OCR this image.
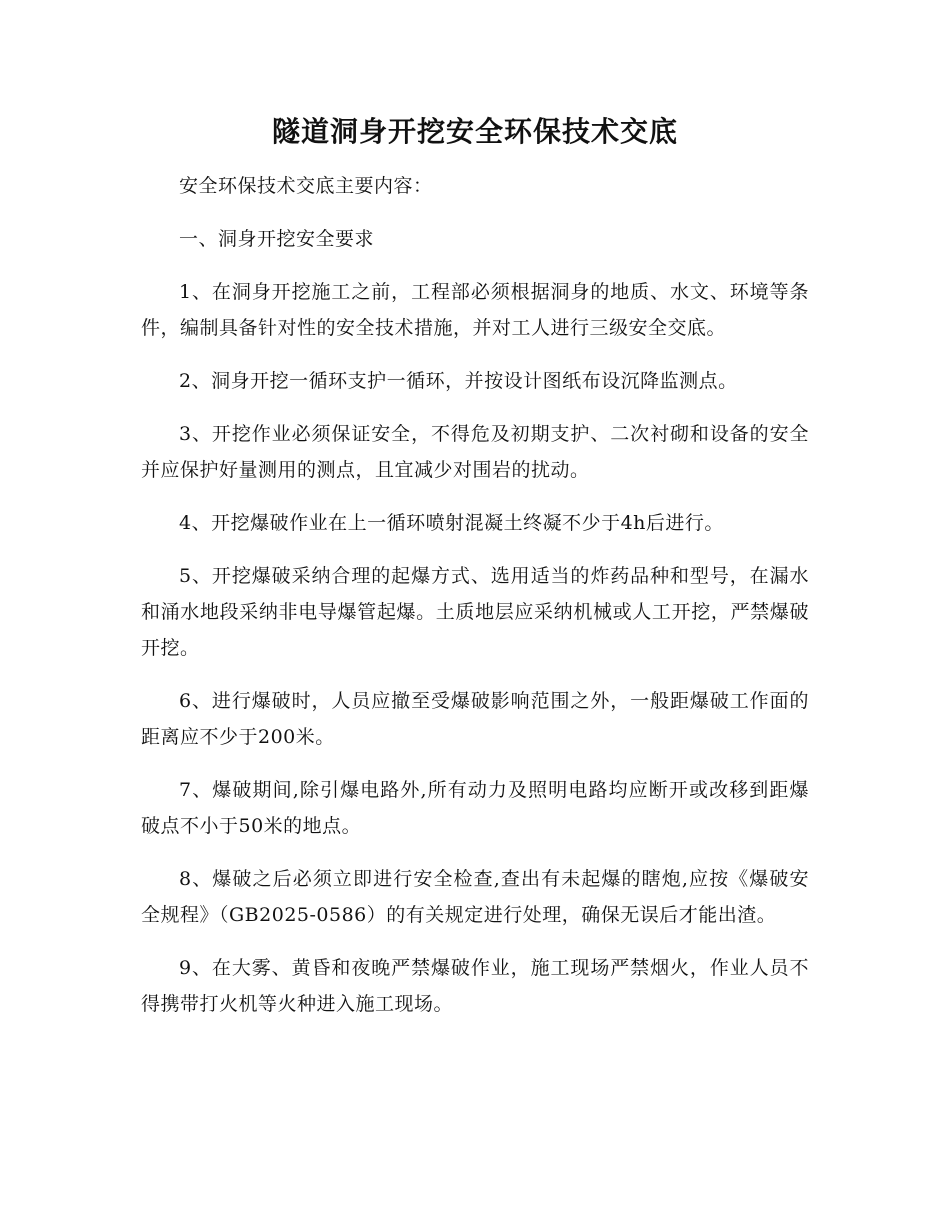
隧道洞身开挖安全环保技术交底

安全环保技术交底主要内容：

一、洞身开挖安全要求

1、在洞身开挖施工之前，工程部必须根据洞身的地质、水文、环境等条件，编制具备针对性的安全技术措施，并对工人进行三级安全交底。

2、洞身开挖一循环支护一循环，并按设计图纸布设沉降监测点。

3、开挖作业必须保证安全，不得危及初期支护、二次衬砌和设备的安全并应保护好量测用的测点，且宜减少对围岩的扰动。

4、开挖爆破作业在上一循环喷射混凝土终凝不少于4h后进行。

5、开挖爆破采纳合理的起爆方式、选用适当的炸药品种和型号，在漏水和涌水地段采纳非电导爆管起爆。土质地层应采纳机械或人工开挖，严禁爆破开挖。

6、进行爆破时，人员应撤至受爆破影响范围之外，一般距爆破工作面的距离应不少于200米。

7、爆破期间,除引爆电路外,所有动力及照明电路均应断开或改移到距爆破点不小于50米的地点。

8、爆破之后必须立即进行安全检查,查出有未起爆的瞎炮,应按《爆破安全规程》（GB2025-0586）的有关规定进行处理，确保无误后才能出渣。

9、在大雾、黄昏和夜晚严禁爆破作业，施工现场严禁烟火，作业人员不得携带打火机等火种进入施工现场。
